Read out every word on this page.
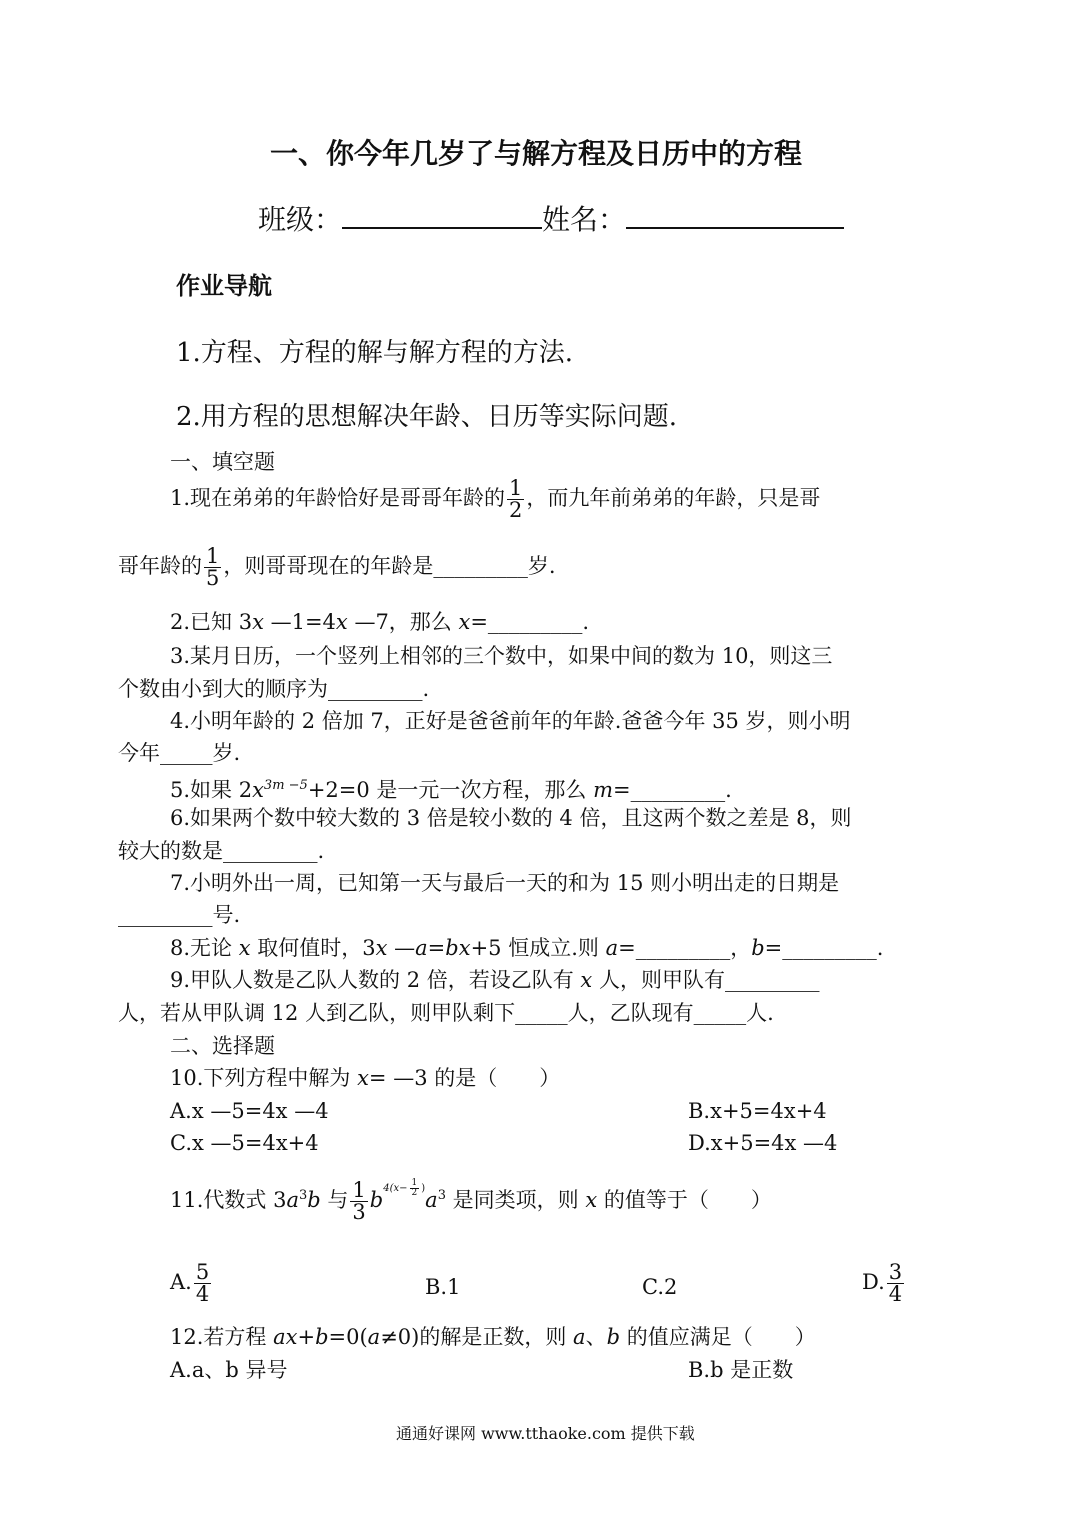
一、你今年几岁了与解方程及日历中的方程
班级：	姓名：
作业导航
1.方程、方程的解与解方程的方法.
2.用方程的思想解决年龄、日历等实际问题.
一、填空题
1.现在弟弟的年龄恰好是哥哥年龄的 $\frac{1}{2}$ ，而九年前弟弟的年龄，只是哥
哥年龄的 $\frac{1}{5}$ ，则哥哥现在的年龄是_________岁.
2.已知 3x —1=4x —7，那么 x=_________.
3.某月日历，一个竖列上相邻的三个数中，如果中间的数为 10，则这三
个数由小到大的顺序为_________.
4.小明年龄的 2 倍加 7，正好是爸爸前年的年龄.爸爸今年 35 岁，则小明
今年_____岁.
5.如果 $2x^{3m -5}+2=0$ 是一元一次方程，那么 m=_________.
6.如果两个数中较大数的 3 倍是较小数的 4 倍，且这两个数之差是 8，则
较大的数是_________.
7.小明外出一周，已知第一天与最后一天的和为 15 则小明出走的日期是
_________号.
8.无论 x 取何值时，3x —a=bx+5 恒成立.则 a=_________，b=_________.
9.甲队人数是乙队人数的 2 倍，若设乙队有 x 人，则甲队有_________
人，若从甲队调 12 人到乙队，则甲队剩下_____人，乙队现有_____人.
二、选择题
10.下列方程中解为 x= —3 的是（　　）
A.x —5=4x —4	B.x+5=4x+4
C.x —5=4x+4	D.x+5=4x —4
11.代数式 $3a^3b$ 与 $\frac{1}{3} b^{4(x- \frac{1}{2} )}a^3$ 是同类项，则 x 的值等于（　　）
A. $\frac{5}{4}$	B.1	C.2	D. $\frac{3}{4}$
12.若方程 ax+b=0(a≠0)的解是正数，则 a、b 的值应满足（　　）
A.a、b 异号	B.b 是正数
通通好课网 www.tthaoke.com 提供下载
